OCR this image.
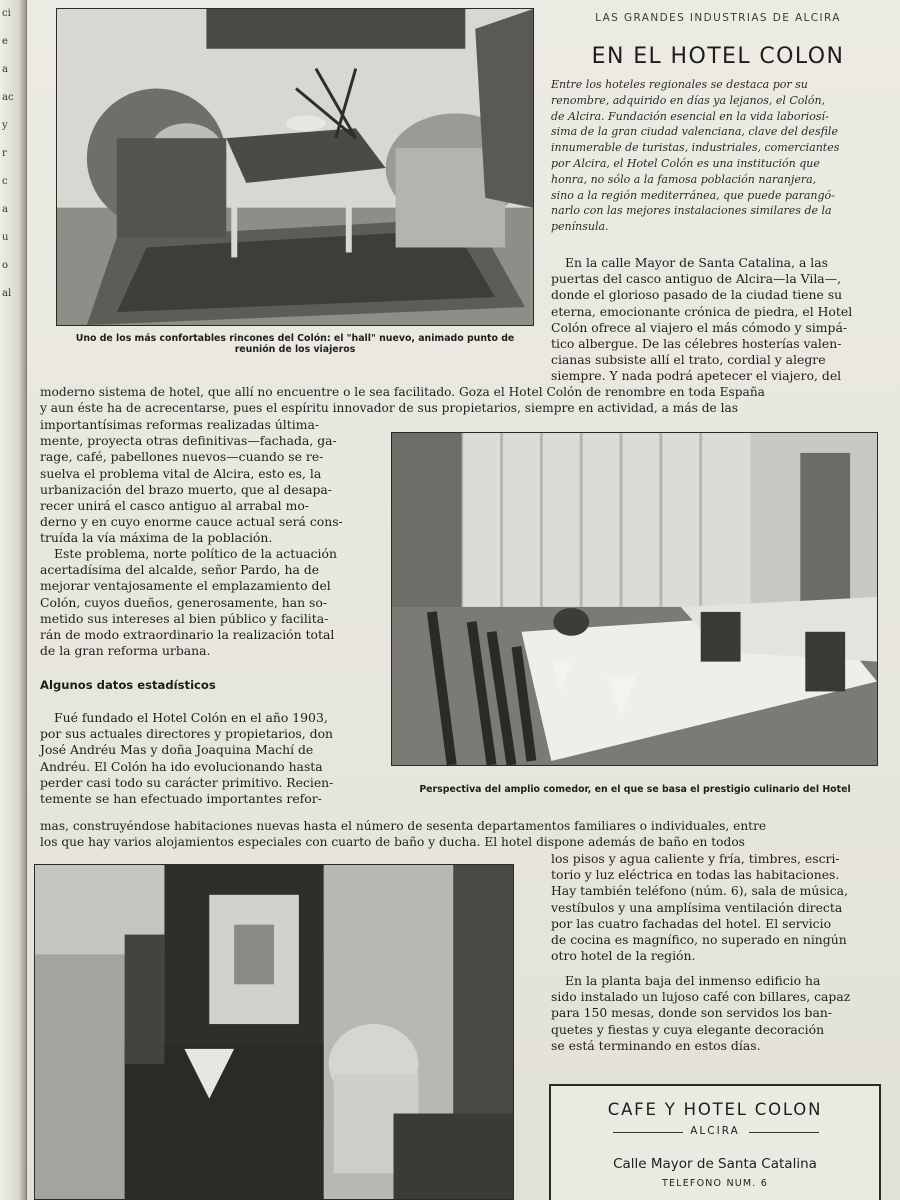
ci
e
a
ac
y
r
c
a
u
o
al
Uno de los más confortables rincones del Colón: el "hall" nuevo, animado punto de
reunión de los viajeros
LAS GRANDES INDUSTRIAS DE ALCIRA
EN EL HOTEL COLON
Entre los hoteles regionales se destaca por su
renombre, adquirido en días ya lejanos, el Colón,
de Alcira. Fundación esencial en la vida laboriosí-
sima de la gran ciudad valenciana, clave del desfile
innumerable de turistas, industriales, comerciantes
por Alcira, el Hotel Colón es una institución que
honra, no sólo a la famosa población naranjera,
sino a la región mediterránea, que puede parangó-
narlo con las mejores instalaciones similares de la
península.
En la calle Mayor de Santa Catalina, a las
puertas del casco antiguo de Alcira—la Vila—,
donde el glorioso pasado de la ciudad tiene su
eterna, emocionante crónica de piedra, el Hotel
Colón ofrece al viajero el más cómodo y simpá-
tico albergue. De las célebres hosterías valen-
cianas subsiste allí el trato, cordial y alegre
siempre. Y nada podrá apetecer el viajero, del
moderno sistema de hotel, que allí no encuentre o le sea facilitado. Goza el Hotel Colón de renombre en toda España
y aun éste ha de acrecentarse, pues el espíritu innovador de sus propietarios, siempre en actividad, a más de las
importantísimas reformas realizadas última-
mente, proyecta otras definitivas—fachada, ga-
rage, café, pabellones nuevos—cuando se re-
suelva el problema vital de Alcira, esto es, la
urbanización del brazo muerto, que al desapa-
recer unirá el casco antiguo al arrabal mo-
derno y en cuyo enorme cauce actual será cons-
truída la vía máxima de la población.
Este problema, norte político de la actuación
acertadísima del alcalde, señor Pardo, ha de
mejorar ventajosamente el emplazamiento del
Colón, cuyos dueños, generosamente, han so-
metido sus intereses al bien público y facilita-
rán de modo extraordinario la realización total
de la gran reforma urbana.
Algunos datos estadísticos
Fué fundado el Hotel Colón en el año 1903,
por sus actuales directores y propietarios, don
José Andréu Mas y doña Joaquina Machí de
Andréu. El Colón ha ido evolucionando hasta
perder casi todo su carácter primitivo. Recien-
temente se han efectuado importantes refor-
Perspectiva del amplio comedor, en el que se basa el prestigio culinario del Hotel
mas, construyéndose habitaciones nuevas hasta el número de sesenta departamentos familiares o individuales, entre
los que hay varios alojamientos especiales con cuarto de baño y ducha. El hotel dispone además de baño en todos
los pisos y agua caliente y fría, timbres, escri-
torio y luz eléctrica en todas las habitaciones.
Hay también teléfono (núm. 6), sala de música,
vestíbulos y una amplísima ventilación directa
por las cuatro fachadas del hotel. El servicio
de cocina es magnífico, no superado en ningún
otro hotel de la región.
En la planta baja del inmenso edificio ha
sido instalado un lujoso café con billares, capaz
para 150 mesas, donde son servidos los ban-
quetes y fiestas y cuya elegante decoración
se está terminando en estos días.
CAFE Y HOTEL COLON
ALCIRA
Calle Mayor de Santa Catalina
TELEFONO NUM. 6
